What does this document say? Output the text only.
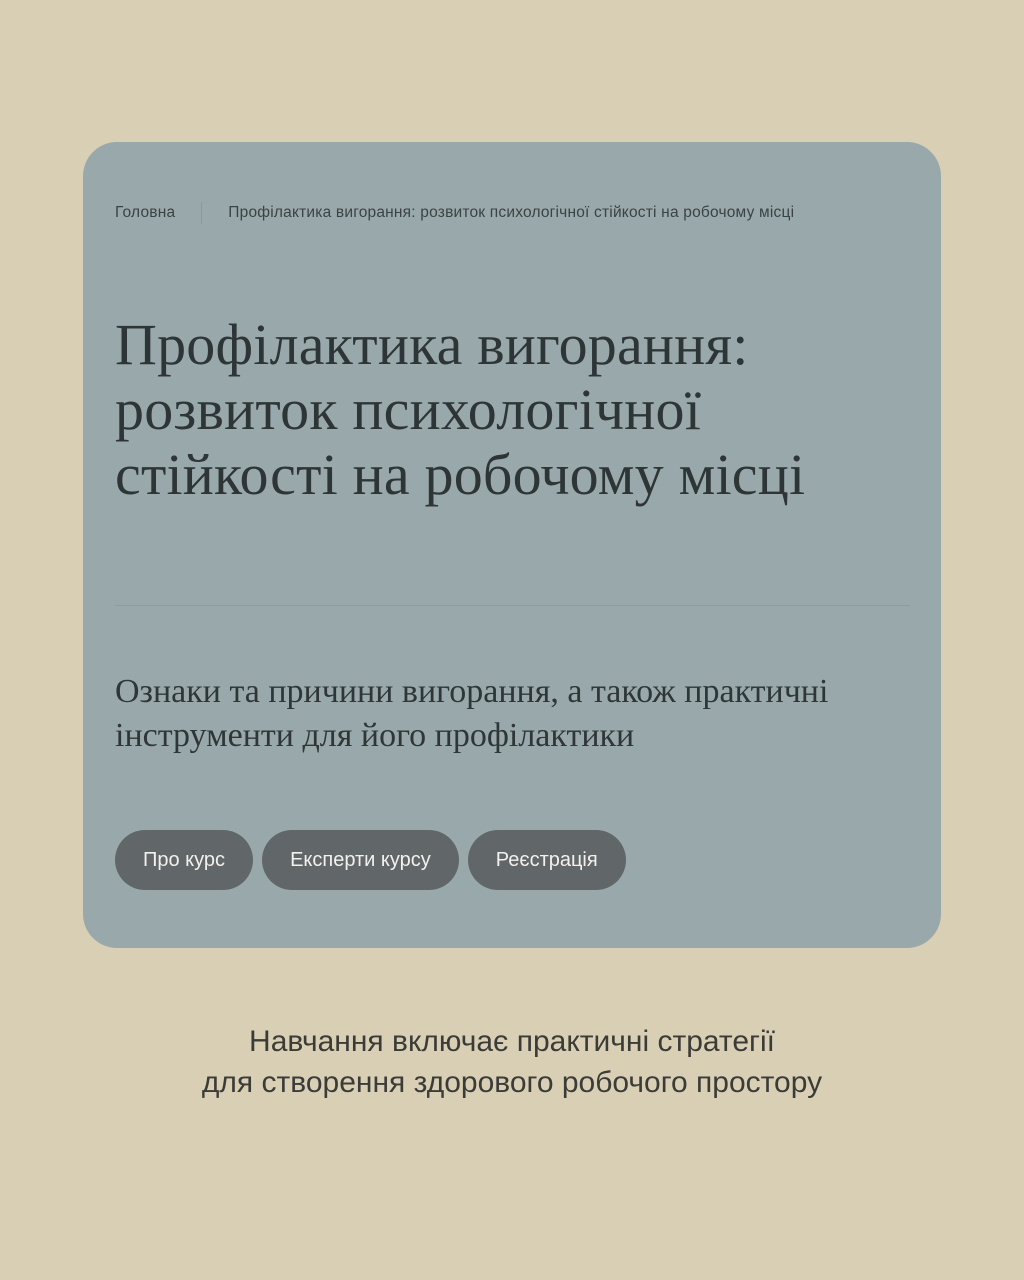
Головна	Профілактика вигорання: розвиток психологічної стійкості на робочому місці
Профілактика вигорання: розвиток психологічної стійкості на робочому місці

Ознаки та причини вигорання, а також практичні інструменти для його профілактики

Про курс	Експерти курсу	Реєстрація
Навчання включає практичні стратегії
для створення здорового робочого простору
